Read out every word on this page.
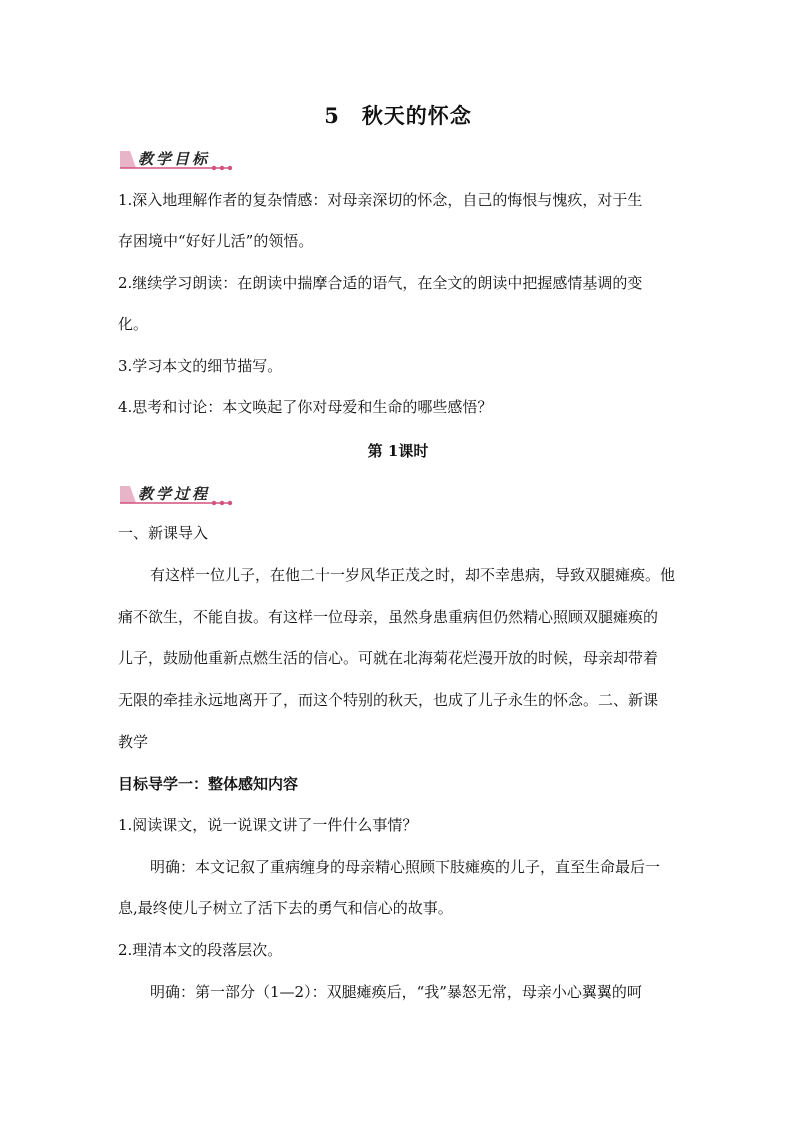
5 秋天的怀念
教学目标
1.深入地理解作者的复杂情感：对母亲深切的怀念，自己的悔恨与愧疚，对于生
存困境中“好好儿活”的领悟。
2.继续学习朗读：在朗读中揣摩合适的语气，在全文的朗读中把握感情基调的变
化。
3.学习本文的细节描写。
4.思考和讨论：本文唤起了你对母爱和生命的哪些感悟？
第 1课时
教学过程
一、新课导入
有这样一位儿子，在他二十一岁风华正茂之时，却不幸患病，导致双腿瘫痪。他
痛不欲生，不能自拔。有这样一位母亲，虽然身患重病但仍然精心照顾双腿瘫痪的
儿子，鼓励他重新点燃生活的信心。可就在北海菊花烂漫开放的时候，母亲却带着
无限的牵挂永远地离开了，而这个特别的秋天，也成了儿子永生的怀念。二、新课
教学
目标导学一：整体感知内容
1.阅读课文，说一说课文讲了一件什么事情？
明确：本文记叙了重病缠身的母亲精心照顾下肢瘫痪的儿子，直至生命最后一
息,最终使儿子树立了活下去的勇气和信心的故事。
2.理清本文的段落层次。
明确：第一部分（1—2）：双腿瘫痪后，“我”暴怒无常，母亲小心翼翼的呵
